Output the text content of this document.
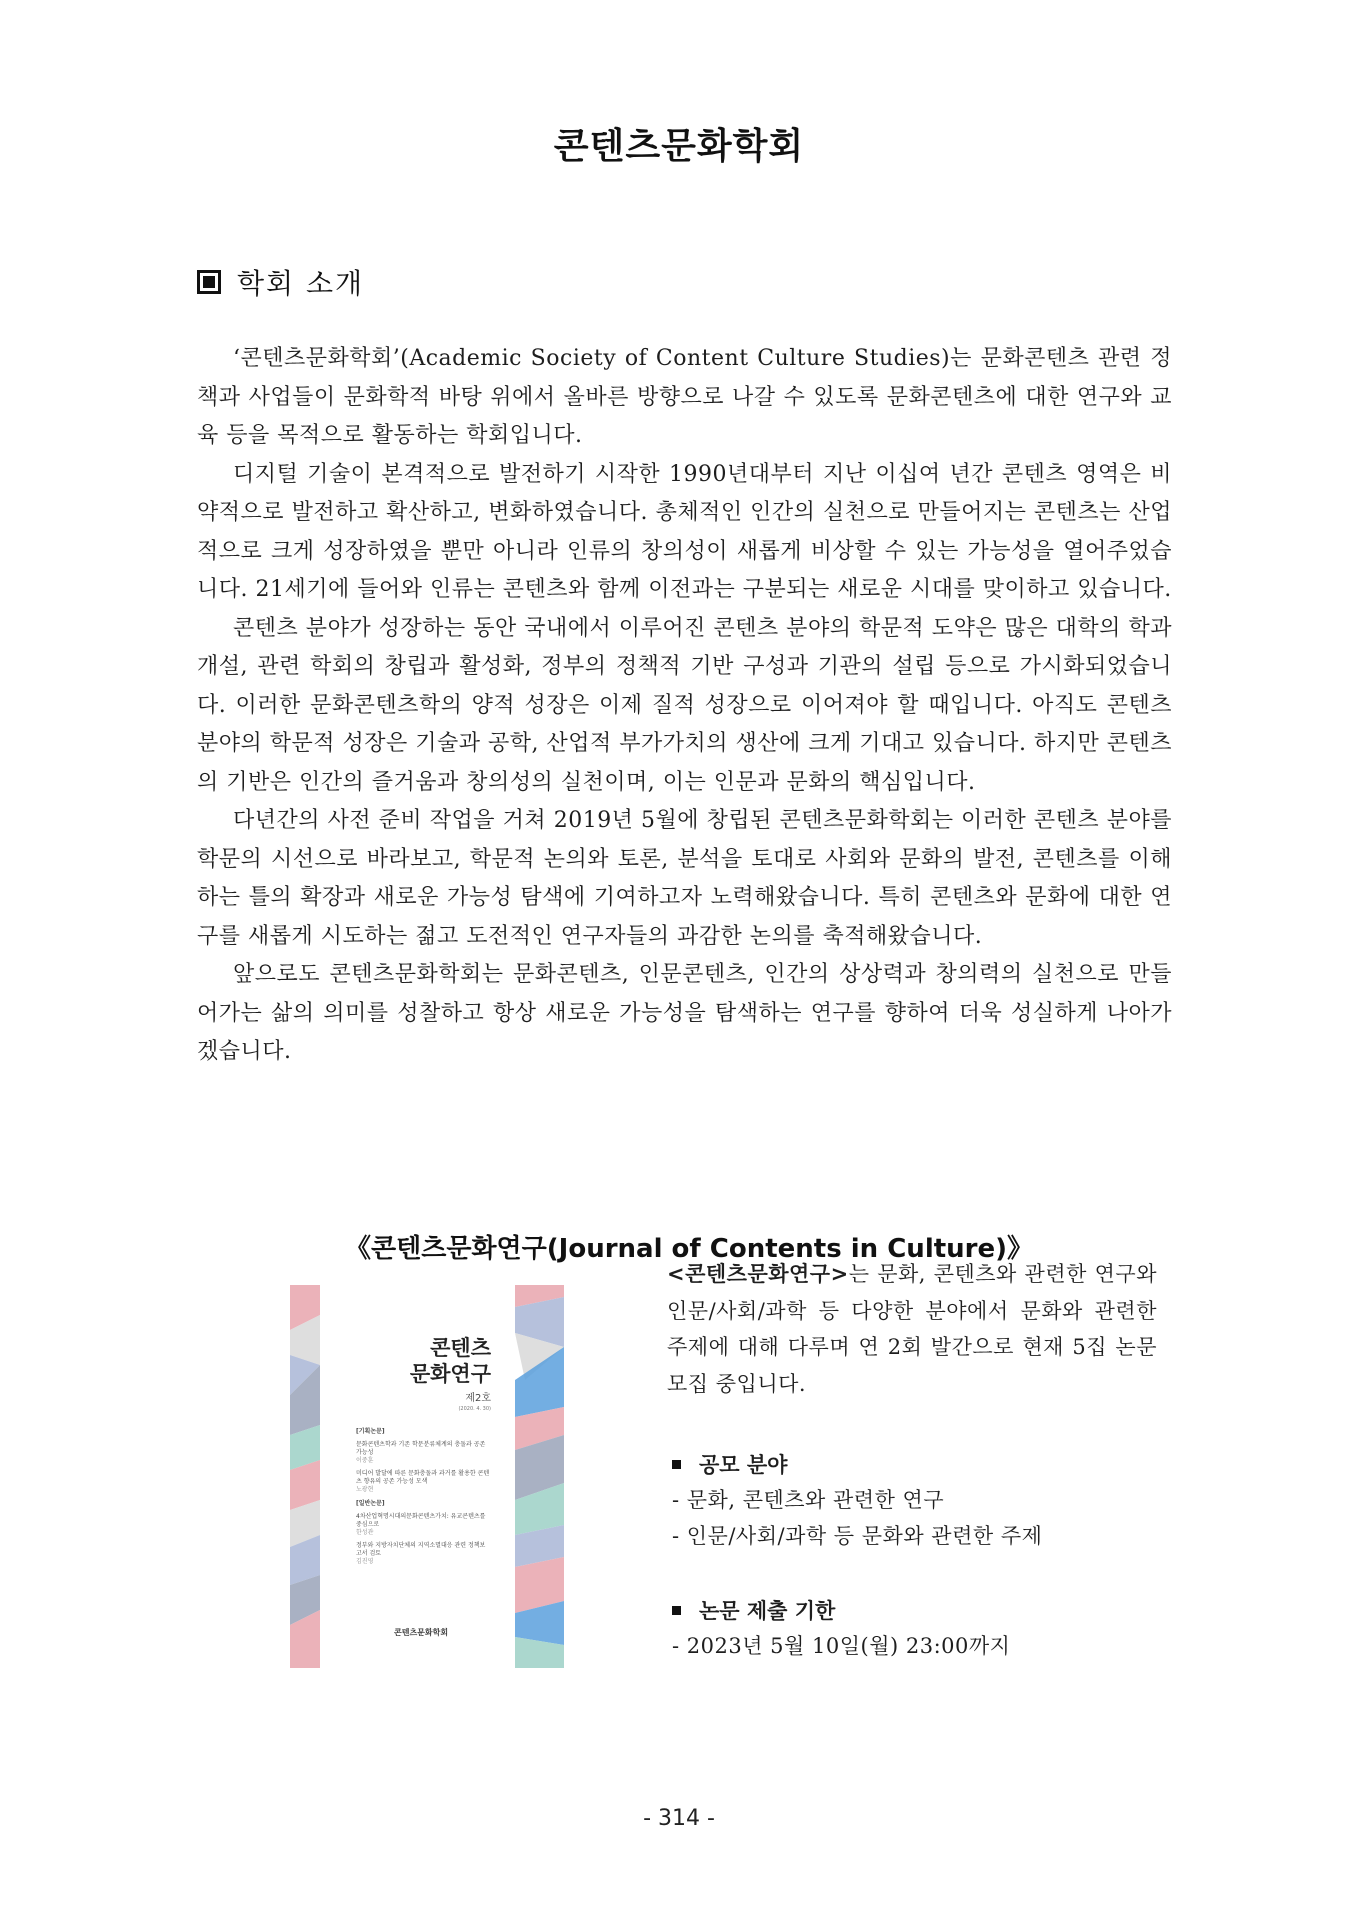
콘텐츠문화학회
학회 소개

‘콘텐츠문화학회’(Academic Society of Content Culture Studies)는 문화콘텐츠 관련 정책과 사업들이 문화학적 바탕 위에서 올바른 방향으로 나갈 수 있도록 문화콘텐츠에 대한 연구와 교육 등을 목적으로 활동하는 학회입니다.

디지털 기술이 본격적으로 발전하기 시작한 1990년대부터 지난 이십여 년간 콘텐츠 영역은 비약적으로 발전하고 확산하고, 변화하였습니다. 총체적인 인간의 실천으로 만들어지는 콘텐츠는 산업적으로 크게 성장하였을 뿐만 아니라 인류의 창의성이 새롭게 비상할 수 있는 가능성을 열어주었습니다. 21세기에 들어와 인류는 콘텐츠와 함께 이전과는 구분되는 새로운 시대를 맞이하고 있습니다.

콘텐츠 분야가 성장하는 동안 국내에서 이루어진 콘텐츠 분야의 학문적 도약은 많은 대학의 학과개설, 관련 학회의 창립과 활성화, 정부의 정책적 기반 구성과 기관의 설립 등으로 가시화되었습니다. 이러한 문화콘텐츠학의 양적 성장은 이제 질적 성장으로 이어져야 할 때입니다. 아직도 콘텐츠 분야의 학문적 성장은 기술과 공학, 산업적 부가가치의 생산에 크게 기대고 있습니다. 하지만 콘텐츠의 기반은 인간의 즐거움과 창의성의 실천이며, 이는 인문과 문화의 핵심입니다.

다년간의 사전 준비 작업을 거쳐 2019년 5월에 창립된 콘텐츠문화학회는 이러한 콘텐츠 분야를 학문의 시선으로 바라보고, 학문적 논의와 토론, 분석을 토대로 사회와 문화의 발전, 콘텐츠를 이해하는 틀의 확장과 새로운 가능성 탐색에 기여하고자 노력해왔습니다. 특히 콘텐츠와 문화에 대한 연구를 새롭게 시도하는 젊고 도전적인 연구자들의 과감한 논의를 축적해왔습니다.

앞으로도 콘텐츠문화학회는 문화콘텐츠, 인문콘텐츠, 인간의 상상력과 창의력의 실천으로 만들어가는 삶의 의미를 성찰하고 항상 새로운 가능성을 탐색하는 연구를 향하여 더욱 성실하게 나아가겠습니다.

《콘텐츠문화연구(Journal of Contents in Culture)》
콘텐츠
문화연구
제2호
(2020. 4. 30)
[기획논문]
문화콘텐츠학과 기존 학문분류체계의 충돌과 공존 가능성
이중훈
미디어 발달에 따른 문화충돌과 과거를 활용한 콘텐츠 향유의 공존 가능성 모색
노광현
[일반논문]
4차산업혁명시대의문화콘텐츠가치: 유교콘텐츠를 중심으로
한성관
정부와 지방자치단체의 지역소멸대응 관련 정책보고서 검토
김진영
콘텐츠문화학회
<콘텐츠문화연구>는 문화, 콘텐츠와 관련한 연구와 인문/사회/과학 등 다양한 분야에서 문화와 관련한 주제에 대해 다루며 연 2회 발간으로 현재 5집 논문 모집 중입니다.
공모 분야
- 문화, 콘텐츠와 관련한 연구
- 인문/사회/과학 등 문화와 관련한 주제
논문 제출 기한
- 2023년 5월 10일(월) 23:00까지
- 314 -
